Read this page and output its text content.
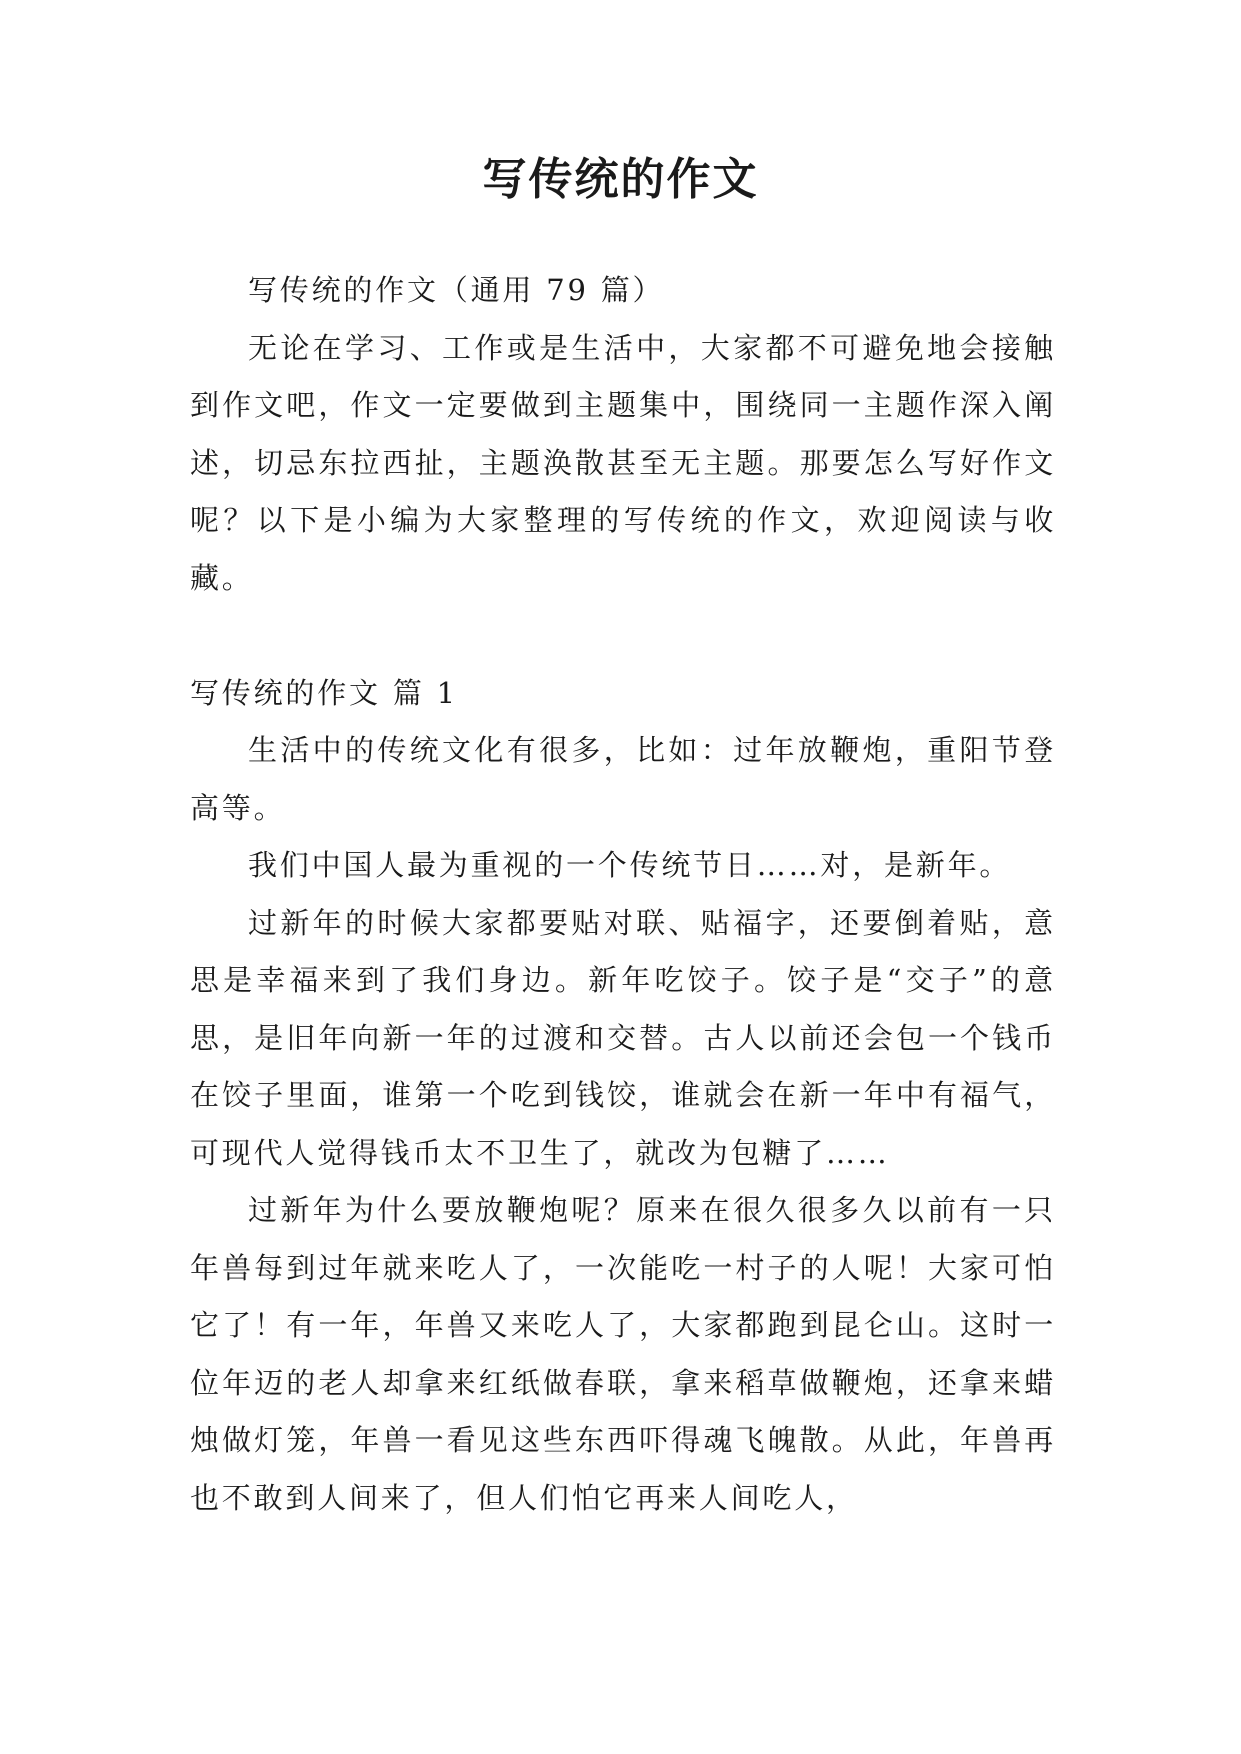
写传统的作文

写传统的作文（通用 79 篇）

无论在学习、工作或是生活中，大家都不可避免地会接触到作文吧，作文一定要做到主题集中，围绕同一主题作深入阐述，切忌东拉西扯，主题涣散甚至无主题。那要怎么写好作文呢？以下是小编为大家整理的写传统的作文，欢迎阅读与收藏。

写传统的作文 篇 1

生活中的传统文化有很多，比如：过年放鞭炮，重阳节登高等。

我们中国人最为重视的一个传统节日……对，是新年。

过新年的时候大家都要贴对联、贴福字，还要倒着贴，意思是幸福来到了我们身边。新年吃饺子。饺子是“交子”的意思，是旧年向新一年的过渡和交替。古人以前还会包一个钱币在饺子里面，谁第一个吃到钱饺，谁就会在新一年中有福气，可现代人觉得钱币太不卫生了，就改为包糖了……

过新年为什么要放鞭炮呢？原来在很久很多久以前有一只年兽每到过年就来吃人了，一次能吃一村子的人呢！大家可怕它了！有一年，年兽又来吃人了，大家都跑到昆仑山。这时一位年迈的老人却拿来红纸做春联，拿来稻草做鞭炮，还拿来蜡烛做灯笼，年兽一看见这些东西吓得魂飞魄散。从此，年兽再也不敢到人间来了，但人们怕它再来人间吃人，
